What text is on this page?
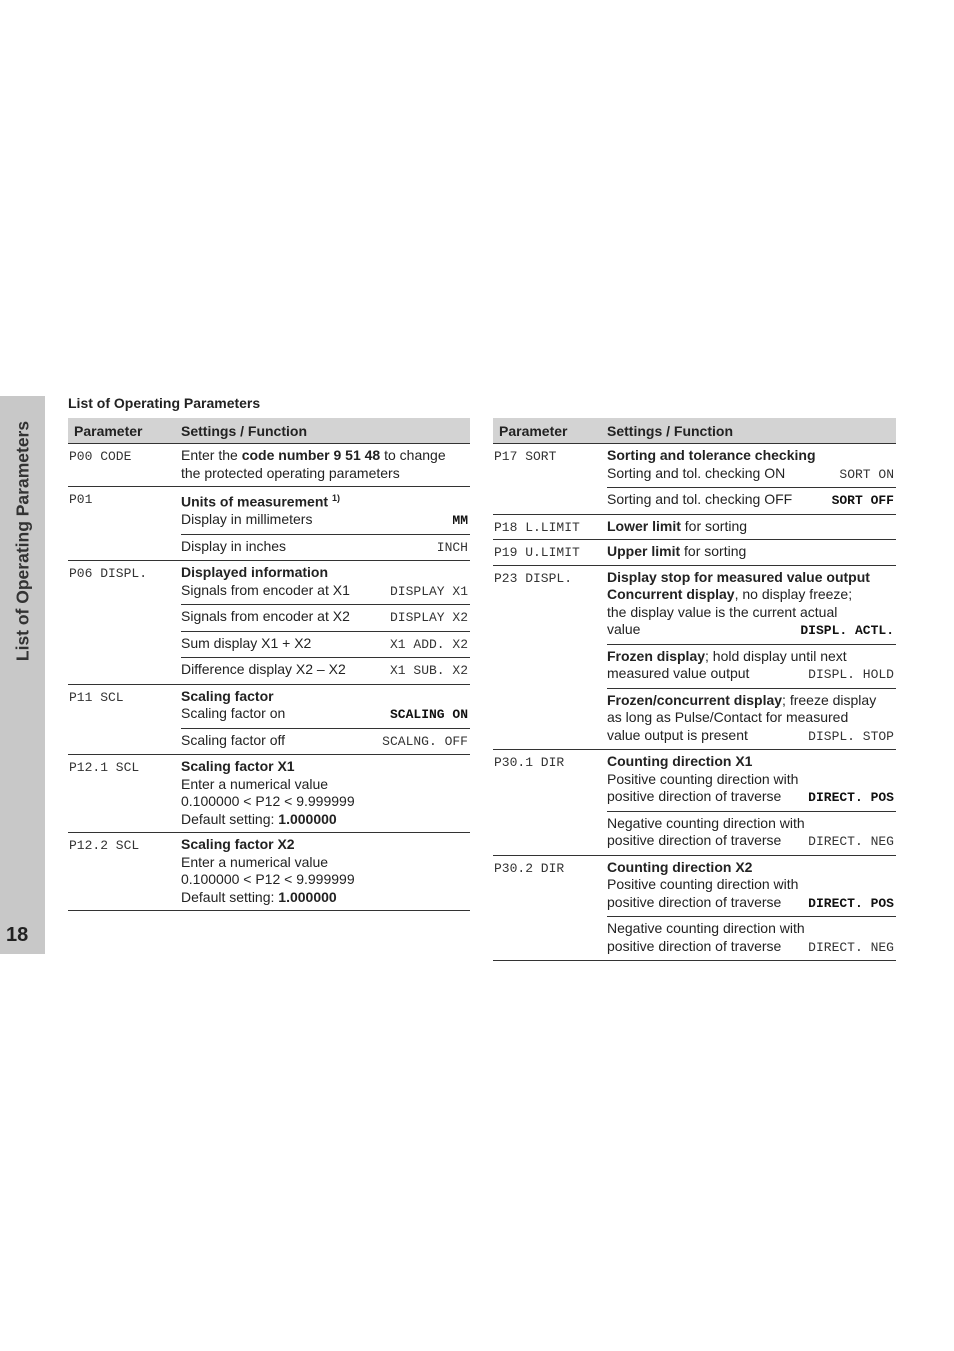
List of Operating Parameters
18
List of Operating Parameters
Parameter	Settings / Function
P00 CODE	Enter the code number 9 51 48 to change
the protected operating parameters
P01	Units of measurement $^{1)}$
Display in millimeters	MM
Display in inches	INCH
P06 DISPL.	Displayed information
Signals from encoder at X1	DISPLAY X1
Signals from encoder at X2	DISPLAY X2
Sum display X1 + X2	X1 ADD. X2
Difference display X2 – X2	X1 SUB. X2
P11 SCL	Scaling factor
Scaling factor on	SCALING ON
Scaling factor off	SCALNG. OFF
P12.1 SCL	Scaling factor X1
Enter a numerical value
0.100000 < P12 < 9.999999
Default setting: 1.000000
P12.2 SCL	Scaling factor X2
Enter a numerical value
0.100000 < P12 < 9.999999
Default setting: 1.000000
Parameter	Settings / Function
P17 SORT	Sorting and tolerance checking
Sorting and tol. checking ON	SORT ON
Sorting and tol. checking OFF	SORT OFF
P18 L.LIMIT	Lower limit for sorting
P19 U.LIMIT	Upper limit for sorting
P23 DISPL.	Display stop for measured value output
Concurrent display, no display freeze;
the display value is the current actual
value	DISPL. ACTL.
Frozen display; hold display until next
measured value output	DISPL. HOLD
Frozen/concurrent display; freeze display
as long as Pulse/Contact for measured
value output is present	DISPL. STOP
P30.1 DIR	Counting direction X1
Positive counting direction with
positive direction of traverse DIRECT. POS
Negative counting direction with
positive direction of traverse DIRECT. NEG
P30.2 DIR	Counting direction X2
Positive counting direction with
positive direction of traverse DIRECT. POS
Negative counting direction with
positive direction of traverse DIRECT. NEG
